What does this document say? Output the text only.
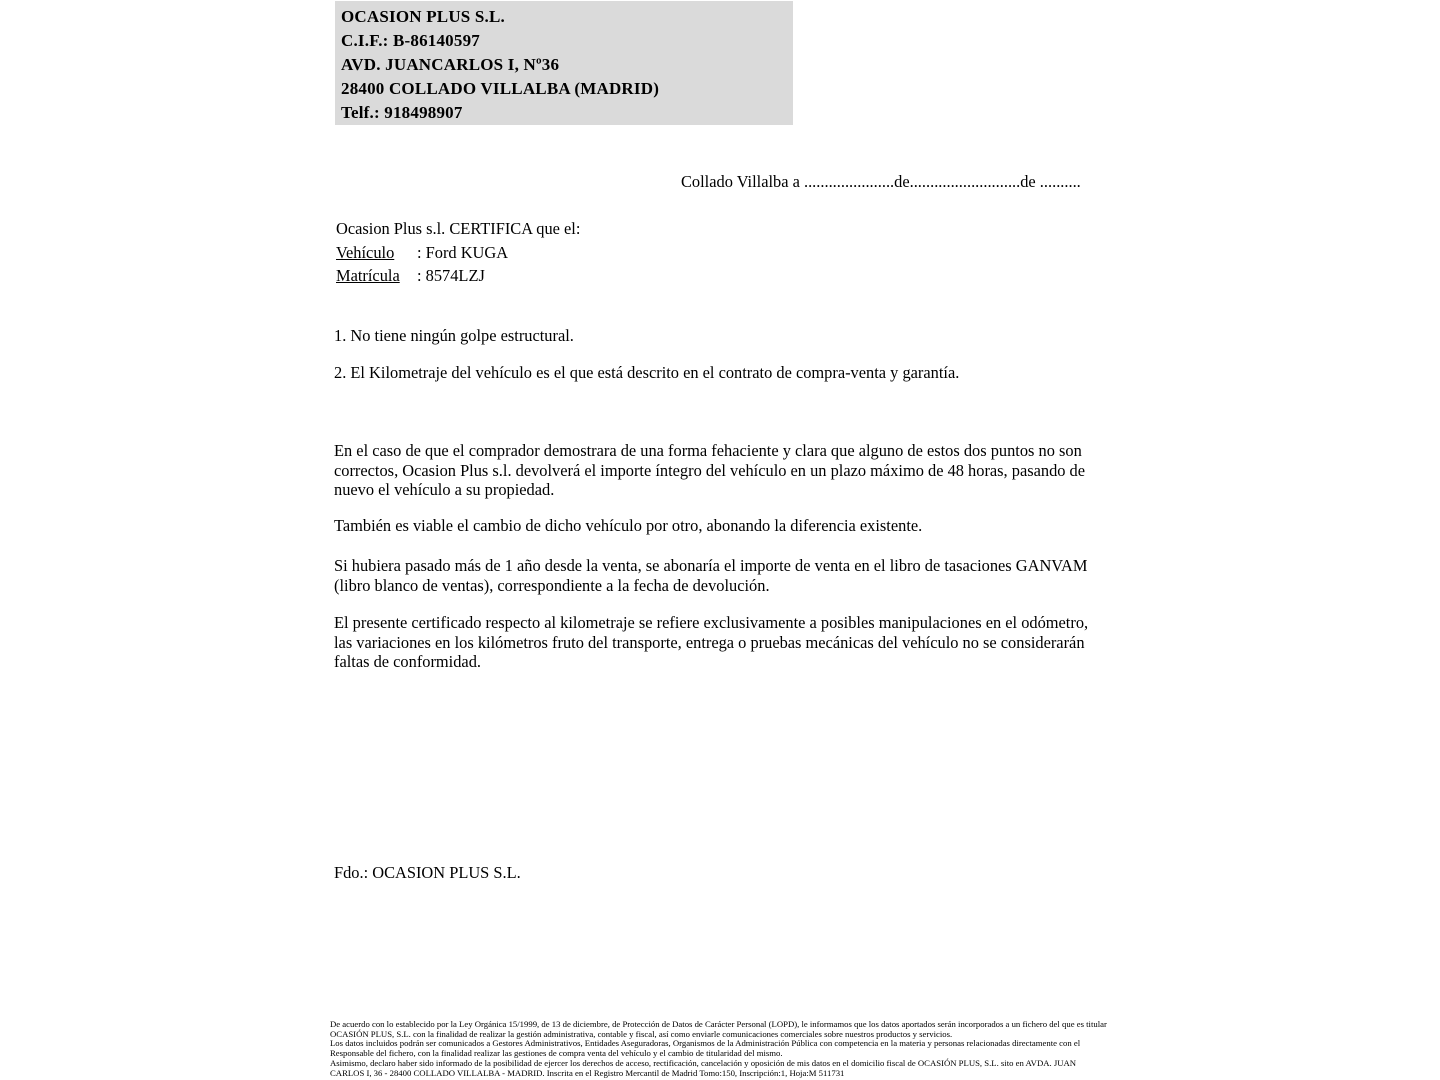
OCASION PLUS S.L.
C.I.F.: B-86140597
AVD. JUANCARLOS I, Nº36
28400 COLLADO VILLALBA (MADRID)
Telf.: 918498907
Collado Villalba a ......................de...........................de ..........
Ocasion Plus s.l. CERTIFICA que el:
Vehículo : Ford KUGA
Matrícula : 8574LZJ
1. No tiene ningún golpe estructural.
2. El Kilometraje del vehículo es el que está descrito en el contrato de compra-venta y garantía.
En el caso de que el comprador demostrara de una forma fehaciente y clara que alguno de estos dos puntos no son correctos, Ocasion Plus s.l. devolverá el importe íntegro del vehículo en un plazo máximo de 48 horas, pasando de nuevo el vehículo a su propiedad.
También es viable el cambio de dicho vehículo por otro, abonando la diferencia existente.
Si hubiera pasado más de 1 año desde la venta, se abonaría el importe de venta en el libro de tasaciones GANVAM (libro blanco de ventas), correspondiente a la fecha de devolución.
El presente certificado respecto al kilometraje se refiere exclusivamente a posibles manipulaciones en el odómetro, las variaciones en los kilómetros fruto del transporte, entrega o pruebas mecánicas del vehículo no se considerarán faltas de conformidad.
Fdo.: OCASION PLUS S.L.
De acuerdo con lo establecido por la Ley Orgánica 15/1999, de 13 de diciembre, de Protección de Datos de Carácter Personal (LOPD), le informamos que los datos aportados serán incorporados a un fichero del que es titular
OCASIÓN PLUS, S.L. con la finalidad de realizar la gestión administrativa, contable y fiscal, así como enviarle comunicaciones comerciales sobre nuestros productos y servicios.
Los datos incluidos podrán ser comunicados a Gestores Administrativos, Entidades Aseguradoras, Organismos de la Administración Pública con competencia en la materia y personas relacionadas directamente con el
Responsable del fichero, con la finalidad realizar las gestiones de compra venta del vehículo y el cambio de titularidad del mismo.
Asimismo, declaro haber sido informado de la posibilidad de ejercer los derechos de acceso, rectificación, cancelación y oposición de mis datos en el domicilio fiscal de OCASIÓN PLUS, S.L. sito en AVDA. JUAN
CARLOS I, 36 - 28400 COLLADO VILLALBA - MADRID. Inscrita en el Registro Mercantil de Madrid Tomo:150, Inscripción:1, Hoja:M 511731
